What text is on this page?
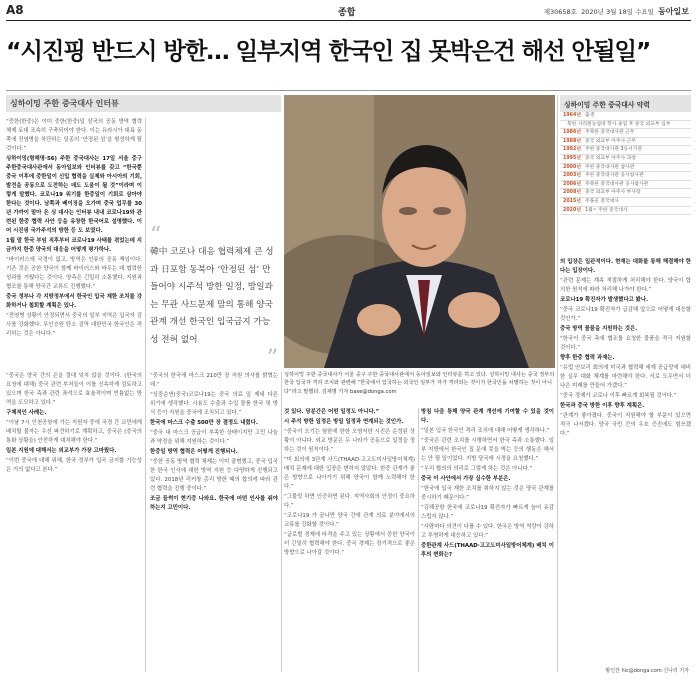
A8	종합	제30658호 2020년 3월 18일 수요일 동아일보
“시진핑 반드시 방한… 일부지역 한국인 집 못박은건 해선 안될일”
싱하이밍 주한 중국대사 인터뷰

“중한(한중)은 이미 중한(한중)일 삼국의 공동 방역 협력 체제 토대 조속히 구축되어야 한다. 이는 유라시아 대륙 동쪽에 전염병을 차단하는 일종의 ‘안정된 섬’을 형성하게 될 것이다.”

싱하이밍(형해명·56) 주한 중국대사는 17일 서울 중구 주한중국대사관에서 동아일보와 인터뷰를 갖고 “한국뿐 중국 이후에 중한일이 신입 협력을 실제와 아시아의 기회, 발전을 공동으로 도전하는 데도 도움이 될 것”이라며 이렇게 말했다. 코로나19 위기를 한중일이 기회로 삼아야 한다는 것이다. 남쪽과 베이징을 오가며 중국 업무를 30년 가까이 맡아 온 싱 대사는 인터뷰 내내 코로나19와 관련된 한중 협력 사안 등을 유창한 한국어로 설명했다. 이어 시진핑 국가주석의 방한 등 도 보였다.

1월 말 한국 부임 직후부터 코로나19 사태를 겪었는데 지금까지 한중 양국의 대응을 어떻게 평가하나.

“바이러스에 국경이 없고, 방역은 인류의 공동 책임이다. 기존 것은 공한 양국이 함께 바이러스와 싸우는 데 협력한 성과를 거뒀다는 것이다. 양측은 긴밀히 소통했다. 지원과 협조를 통해 양국간 교류도 진행했다.”

중국 정부나 각 지방정부에서 한국인 입국 제한 조치를 강화하거나 철회할 계획은 있나.

“전염병 상황이 안정되면서 중국의 일부 지역은 입국자 검사를 강화했다. 무인승원 탄소 검역 대한민국 한국인은 격리하는 것은 아니다.”

“
韓中 코로나 대응 협력체제 큰 성과 日포함 동북아 ‘안정된 섬’ 만들어야 시주석 방한 일정, 방일과는 무관 사드문제 맘의 통해 양국관계 개선 한국인 입국금지 가능성 전혀 없어
”
싱하이밍 주한 중국대사가 서울 중구 주한 중국대사관에서 동아일보와 인터뷰를 하고 있다. 싱하이밍 대사는 중국 정부의 한국 입국자 격리 조치와 관련해 “한국에서 입국하는 외국인 일부가 자가 격리되는 것이지 한국인을 차별하는 것이 아니다”라고 말했다. 김재명 기자 base@donga.com
싱하이밍 주한 중국대사 약력
1964년 출생
북한 사리원농업대 학사 졸업 후 중국 외교부 입부
1986년 주북한 중국대사관 근무
1988년 중국 외교부 아주사 근무
1992년 주한 중국대사관 3등서기관
1995년 중국 외교부 아주사 과장
2000년 주한 중국대사관 참사관
2003년 주한 중국대사관 공사참사관
2006년 주북한 중국대사관 공사참사관
2008년 중국 외교부 아주사 부사장
2015년 주몽골 중국대사
2020년 1월~ 주한 중국대사

“중국은 양국 간의 은을 절대 잊지 않을 것이다. (한국의 요청에 대해) 중국 관련 부처들이 이를 신속하게 검토하고 있으며 한국 측과 관련 좌석으로 효율적이며 빈틈없는 방역을 도모하고 있다.”

구체적인 사례는.

“이날 7시 인천공항에 가는 지원자 중에 국경 간 교민에게 배치할 물자는 우선 파견하기로 계획하고, 중국은 (중국의 통화 상황을) 안전하게 대처해야 한다.”

일본 지원에 대해서는 외교부가 가장 고마웠다.

“이번 중국에 대해 위해, 한국 정부가 입국 금지할 가능성은 거의 없다고 본다.”

“중국의 한국에 마스크 210만 장 지원 의사를 밝혔는데.”

“싱중순연(중국)코로나19는 중국 의료 일 제네 다른 위기에 생각했다. 사용도 수출과 수입 물품 한국 및 방식 등이 지원을 중국에 조치되고 있다.”

한국에 마스크 수출 500만 장 결정도 내렸다.

“중국 내 마스크 공급이 부족한 상태이지만 고민 나눔과 약정을 위해 지원하는 것이다.”

한중일 방역 협력은 어떻게 진행되나.

“중한 공동 방역 협력 체제는 이미 출범했고, 중국 입국한 한국 인사에 대한 방역 지원 등 다양하게 진행되고 있다. 2018년 리커창 총리 방한 때의 합의에 따라 관련 협력을 진행 중이다.”

조금 들썩이 현기증 나와요. 한국에 어떤 인사를 줘야 하는지 고민이다.

것 있다. 당분간은 어떤 일정도 아니다.”

시 주석 방한 일정은 방일 일정과 연계되는 것인가.

“중국이 오기는 험한에 한한 오염저한 시진은 순정된 상황이 아니다. 외교 방문은 두 나라가 공동으로 일정을 정하는 것이 원칙이다.”

“미 회의에 3단계 사드(THAAD·고고도미사일방어체계) 배치 문제에 대한 입장은 변하지 않았다. 한중 관계가 좋은 방향으로 나아가기 위해 양국이 함께 노력해야 한다.”

“그물망 하면 인증하면 된다. 지역사회의 안정이 중요하다.”

“코로나19 가 끝나면 양국 간에 관계 의료 분야에서의 교류를 강화할 것이다.”

“글로벌 경제에 타격을 주고 있는 상황에서 중한 양국이 더 긴밀히 협력해야 한다. 중국 경제는 장기적으로 좋은 방향으로 나아갈 것이다.”

방침 다음 통해 양국 관계 개선에 기여할 수 있을 것이다.

“일본 입국 한국인 격리 조치에 대해 어떻게 생각하나.”

“중국은 관련 조치를 시행하면서 한국 측과 소통했다. 일부 지방에서 한국인 집 문에 못을 박는 등의 행동은 해서는 안 될 일이었다. 지방 당국에 시정을 요청했다.”

“우리 협의의 의리로 그렇게 하는 것은 아니다.”

중국 이 사안에서 가장 실수한 부분은.

“한국에 입국 제한 조치를 취하지 않는 것은 양국 관계를 중시하기 때문이다.”

“김해공항 한국에 코로나19 확진자가 빠르게 늘어 유감스럽지 않나.”

“사람마다 의견이 다를 수 있다. 한국은 방역 역량이 강하고 투명하게 대응하고 있다.”

중한관계 사드(THAAD·고고도미사일방어체계) 배치 이후의 변화는?

의 입장은 일관적이다. 현재는 대화를 통해 해결해야 한다는 입장이다.

“관련 문제는 계속 적절하게 처리해야 한다. 양국이 합의한 원칙에 따라 처리해 나가야 한다.”

코로나19 확진자가 발생했다고 봤나.

“중국 코로나19 확진자가 급감해 앞으로 어떻게 대응할 것인가.”

중국 방역 물품을 지원하는 것은.

“한국이 중국 측에 협조를 요청한 물품을 적극 지원할 것이다.”

향후 한중 협력 과제는.

“유럽 안보리 회의에 미국과 협력해 세계 공급망에 대비한 실무 대화 체계를 마련해야 한다. 서로 도우면서 더 나은 미래를 만들어 가겠다.”

“중국 경제가 코로나 이후 빠르게 회복될 것이다.”

한국과 중국 방한 이후 향후 계획은.

“관계가 좋아졌다. 중국이 지원해야 할 부분이 있으면 적극 나서겠다. 양국 국민 간의 우호 증진에도 힘쓰겠다.”

황인찬 hic@donga.com·신나리 기자
